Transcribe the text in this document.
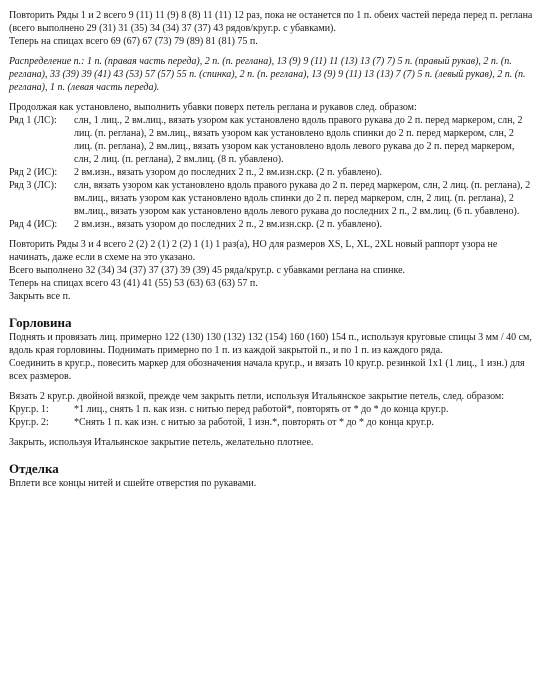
Повторить Ряды 1 и 2 всего 9 (11) 11 (9) 8 (8) 11 (11) 12 раз, пока не останется по 1 п. обеих частей переда перед п. реглана (всего выполнено 29 (31) 31 (35) 34 (34) 37 (37) 43 рядов/круг.р. с убавками).

Теперь на спицах всего 69 (67) 67 (73) 79 (89) 81 (81) 75 п.

Распределение п.: 1 п. (правая часть переда), 2 п. (п. реглана), 13 (9) 9 (11) 11 (13) 13 (7) 7) 5 п. (правый рукав), 2 п. (п. реглана), 33 (39) 39 (41) 43 (53) 57 (57) 55 п. (спинка), 2 п. (п. реглана), 13 (9) 9 (11) 13 (13) 7 (7) 5 п. (левый рукав), 2 п. (п. реглана), 1 п. (левая часть переда).

Продолжая как установлено, выполнить убавки поверх петель реглана и рукавов след. образом:

Ряд 1 (ЛС):	слн, 1 лиц., 2 вм.лиц., вязать узором как установлено вдоль правого рукава до 2 п. перед маркером, слн, 2 лиц. (п. реглана), 2 вм.лиц., вязать узором как установлено вдоль спинки до 2 п. перед маркером, слн, 2 лиц. (п. реглана), 2 вм.лиц., вязать узором как установлено вдоль левого рукава до 2 п. перед маркером, слн, 2 лиц. (п. реглана), 2 вм.лиц. (8 п. убавлено).
Ряд 2 (ИС):	2 вм.изн., вязать узором до последних 2 п., 2 вм.изн.скр. (2 п. убавлено).
Ряд 3 (ЛС):	слн, вязать узором как установлено вдоль правого рукава до 2 п. перед маркером, слн, 2 лиц. (п. реглана), 2 вм.лиц., вязать узором как установлено вдоль спинки до 2 п. перед маркером, слн, 2 лиц. (п. реглана), 2 вм.лиц., вязать узором как установлено вдоль левого рукава до последних 2 п., 2 вм.лиц. (6 п. убавлено).
Ряд 4 (ИС):	2 вм.изн., вязать узором до последних 2 п., 2 вм.изн.скр. (2 п. убавлено).

Повторить Ряды 3 и 4 всего 2 (2) 2 (1) 2 (2) 1 (1) 1 раз(а), НО для размеров XS, L, XL, 2XL новый раппорт узора не начинать, даже если в схеме на это указано.

Всего выполнено 32 (34) 34 (37) 37 (37) 39 (39) 45 ряда/круг.р. с убавками реглана на спинке.

Теперь на спицах всего 43 (41) 41 (55) 53 (63) 63 (63) 57 п.

Закрыть все п.

Горловина

Поднять и провязать лиц. примерно 122 (130) 130 (132) 132 (154) 160 (160) 154 п., используя круговые спицы 3 мм / 40 см, вдоль края горловины. Поднимать примерно по 1 п. из каждой закрытой п., и по 1 п. из каждого ряда.

Соединить в круг.р., повесить маркер для обозначения начала круг.р., и вязать 10 круг.р. резинкой 1х1 (1 лиц., 1 изн.) для всех размеров.

Вязать 2 круг.р. двойной вязкой, прежде чем закрыть петли, используя Итальянское закрытие петель, след. образом:

Круг.р. 1:	*1 лиц., снять 1 п. как изн. с нитью перед работой*, повторять от * до * до конца круг.р.
Круг.р. 2:	*Снять 1 п. как изн. с нитью за работой, 1 изн.*, повторять от * до * до конца круг.р.

Закрыть, используя Итальянское закрытие петель, желательно плотнее.

Отделка

Вплети все концы нитей и сшейте отверстия по рукавами.
